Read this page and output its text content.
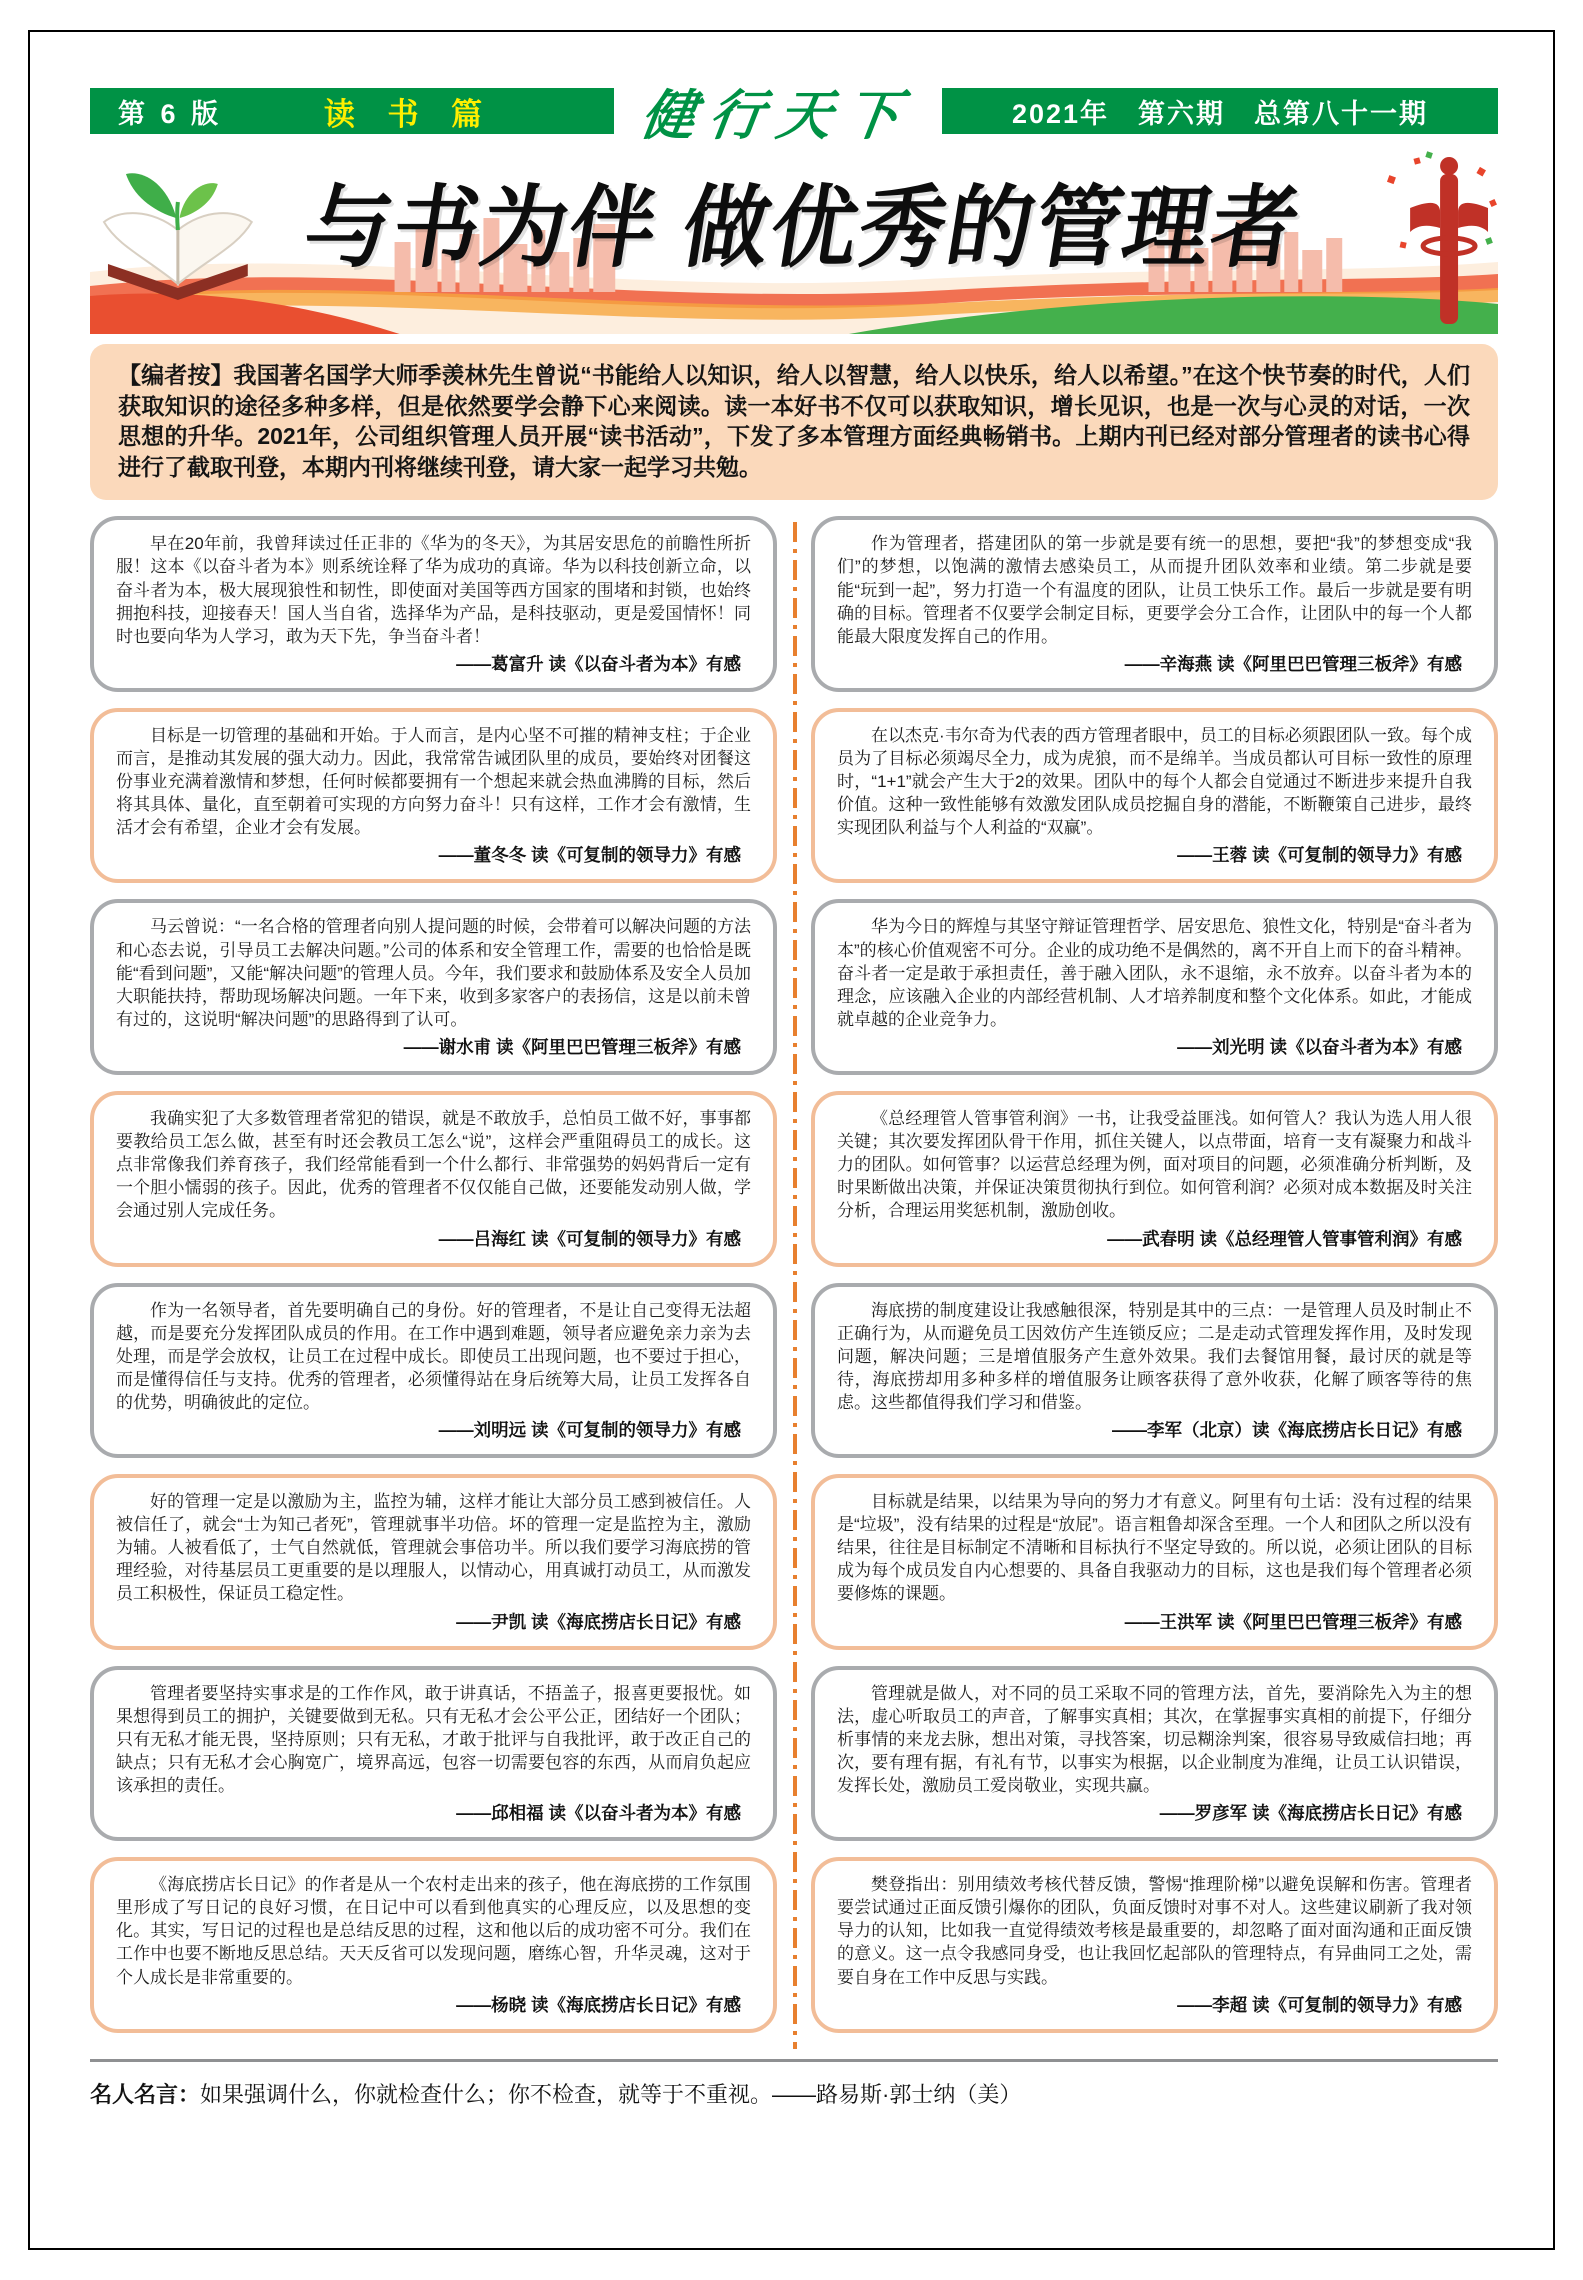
第 6 版	读 书 篇	健行天下	2021年　第六期　总第八十一期
与书为伴 做优秀的管理者

【编者按】我国著名国学大师季羡林先生曾说“书能给人以知识，给人以智慧，给人以快乐，给人以希望。”在这个快节奏的时代，人们获取知识的途径多种多样，但是依然要学会静下心来阅读。读一本好书不仅可以获取知识，增长见识，也是一次与心灵的对话，一次思想的升华。2021年，公司组织管理人员开展“读书活动”，下发了多本管理方面经典畅销书。上期内刊已经对部分管理者的读书心得进行了截取刊登，本期内刊将继续刊登，请大家一起学习共勉。

早在20年前，我曾拜读过任正非的《华为的冬天》，为其居安思危的前瞻性所折服！这本《以奋斗者为本》则系统诠释了华为成功的真谛。华为以科技创新立命，以奋斗者为本，极大展现狼性和韧性，即使面对美国等西方国家的围堵和封锁，也始终拥抱科技，迎接春天！国人当自省，选择华为产品，是科技驱动，更是爱国情怀！同时也要向华为人学习，敢为天下先，争当奋斗者！

——葛富升 读《以奋斗者为本》有感

目标是一切管理的基础和开始。于人而言，是内心坚不可摧的精神支柱；于企业而言，是推动其发展的强大动力。因此，我常常告诫团队里的成员，要始终对团餐这份事业充满着激情和梦想，任何时候都要拥有一个想起来就会热血沸腾的目标，然后将其具体、量化，直至朝着可实现的方向努力奋斗！只有这样，工作才会有激情，生活才会有希望，企业才会有发展。

——董冬冬 读《可复制的领导力》有感

马云曾说：“一名合格的管理者向别人提问题的时候，会带着可以解决问题的方法和心态去说，引导员工去解决问题。”公司的体系和安全管理工作，需要的也恰恰是既能“看到问题”，又能“解决问题”的管理人员。今年，我们要求和鼓励体系及安全人员加大职能扶持，帮助现场解决问题。一年下来，收到多家客户的表扬信，这是以前未曾有过的，这说明“解决问题”的思路得到了认可。

——谢水甫 读《阿里巴巴管理三板斧》有感

我确实犯了大多数管理者常犯的错误，就是不敢放手，总怕员工做不好，事事都要教给员工怎么做，甚至有时还会教员工怎么“说”，这样会严重阻碍员工的成长。这点非常像我们养育孩子，我们经常能看到一个什么都行、非常强势的妈妈背后一定有一个胆小懦弱的孩子。因此，优秀的管理者不仅仅能自己做，还要能发动别人做，学会通过别人完成任务。

——吕海红 读《可复制的领导力》有感

作为一名领导者，首先要明确自己的身份。好的管理者，不是让自己变得无法超越，而是要充分发挥团队成员的作用。在工作中遇到难题，领导者应避免亲力亲为去处理，而是学会放权，让员工在过程中成长。即使员工出现问题，也不要过于担心，而是懂得信任与支持。优秀的管理者，必须懂得站在身后统筹大局，让员工发挥各自的优势，明确彼此的定位。

——刘明远 读《可复制的领导力》有感

好的管理一定是以激励为主，监控为辅，这样才能让大部分员工感到被信任。人被信任了，就会“士为知己者死”，管理就事半功倍。坏的管理一定是监控为主，激励为辅。人被看低了，士气自然就低，管理就会事倍功半。所以我们要学习海底捞的管理经验，对待基层员工更重要的是以理服人，以情动心，用真诚打动员工，从而激发员工积极性，保证员工稳定性。

——尹凯 读《海底捞店长日记》有感

管理者要坚持实事求是的工作作风，敢于讲真话，不捂盖子，报喜更要报忧。如果想得到员工的拥护，关键要做到无私。只有无私才会公平公正，团结好一个团队；只有无私才能无畏，坚持原则；只有无私，才敢于批评与自我批评，敢于改正自己的缺点；只有无私才会心胸宽广，境界高远，包容一切需要包容的东西，从而肩负起应该承担的责任。

——邱相福 读《以奋斗者为本》有感

《海底捞店长日记》的作者是从一个农村走出来的孩子，他在海底捞的工作氛围里形成了写日记的良好习惯，在日记中可以看到他真实的心理反应，以及思想的变化。其实，写日记的过程也是总结反思的过程，这和他以后的成功密不可分。我们在工作中也要不断地反思总结。天天反省可以发现问题，磨练心智，升华灵魂，这对于个人成长是非常重要的。

——杨晓 读《海底捞店长日记》有感

作为管理者，搭建团队的第一步就是要有统一的思想，要把“我”的梦想变成“我们”的梦想，以饱满的激情去感染员工，从而提升团队效率和业绩。第二步就是要能“玩到一起”，努力打造一个有温度的团队，让员工快乐工作。最后一步就是要有明确的目标。管理者不仅要学会制定目标，更要学会分工合作，让团队中的每一个人都能最大限度发挥自己的作用。

——辛海燕 读《阿里巴巴管理三板斧》有感

在以杰克·韦尔奇为代表的西方管理者眼中，员工的目标必须跟团队一致。每个成员为了目标必须竭尽全力，成为虎狼，而不是绵羊。当成员都认可目标一致性的原理时，“1+1”就会产生大于2的效果。团队中的每个人都会自觉通过不断进步来提升自我价值。这种一致性能够有效激发团队成员挖掘自身的潜能，不断鞭策自己进步，最终实现团队利益与个人利益的“双赢”。

——王蓉 读《可复制的领导力》有感

华为今日的辉煌与其坚守辩证管理哲学、居安思危、狼性文化，特别是“奋斗者为本”的核心价值观密不可分。企业的成功绝不是偶然的，离不开自上而下的奋斗精神。奋斗者一定是敢于承担责任，善于融入团队，永不退缩，永不放弃。以奋斗者为本的理念，应该融入企业的内部经营机制、人才培养制度和整个文化体系。如此，才能成就卓越的企业竞争力。

——刘光明 读《以奋斗者为本》有感

《总经理管人管事管利润》一书，让我受益匪浅。如何管人？我认为选人用人很关键；其次要发挥团队骨干作用，抓住关键人，以点带面，培育一支有凝聚力和战斗力的团队。如何管事？以运营总经理为例，面对项目的问题，必须准确分析判断，及时果断做出决策，并保证决策贯彻执行到位。如何管利润？必须对成本数据及时关注分析，合理运用奖惩机制，激励创收。

——武春明 读《总经理管人管事管利润》有感

海底捞的制度建设让我感触很深，特别是其中的三点：一是管理人员及时制止不正确行为，从而避免员工因效仿产生连锁反应；二是走动式管理发挥作用，及时发现问题，解决问题；三是增值服务产生意外效果。我们去餐馆用餐，最讨厌的就是等待，海底捞却用多种多样的增值服务让顾客获得了意外收获，化解了顾客等待的焦虑。这些都值得我们学习和借鉴。

——李军（北京）读《海底捞店长日记》有感

目标就是结果，以结果为导向的努力才有意义。阿里有句土话：没有过程的结果是“垃圾”，没有结果的过程是“放屁”。语言粗鲁却深含至理。一个人和团队之所以没有结果，往往是目标制定不清晰和目标执行不坚定导致的。所以说，必须让团队的目标成为每个成员发自内心想要的、具备自我驱动力的目标，这也是我们每个管理者必须要修炼的课题。

——王洪军 读《阿里巴巴管理三板斧》有感

管理就是做人，对不同的员工采取不同的管理方法，首先，要消除先入为主的想法，虚心听取员工的声音，了解事实真相；其次，在掌握事实真相的前提下，仔细分析事情的来龙去脉，想出对策，寻找答案，切忌糊涂判案，很容易导致威信扫地；再次，要有理有据，有礼有节，以事实为根据，以企业制度为准绳，让员工认识错误，发挥长处，激励员工爱岗敬业，实现共赢。

——罗彦军 读《海底捞店长日记》有感

樊登指出：别用绩效考核代替反馈，警惕“推理阶梯”以避免误解和伤害。管理者要尝试通过正面反馈引爆你的团队，负面反馈时对事不对人。这些建议刷新了我对领导力的认知，比如我一直觉得绩效考核是最重要的，却忽略了面对面沟通和正面反馈的意义。这一点令我感同身受，也让我回忆起部队的管理特点，有异曲同工之处，需要自身在工作中反思与实践。

——李超 读《可复制的领导力》有感

名人名言：如果强调什么，你就检查什么；你不检查，就等于不重视。——路易斯·郭士纳（美）
